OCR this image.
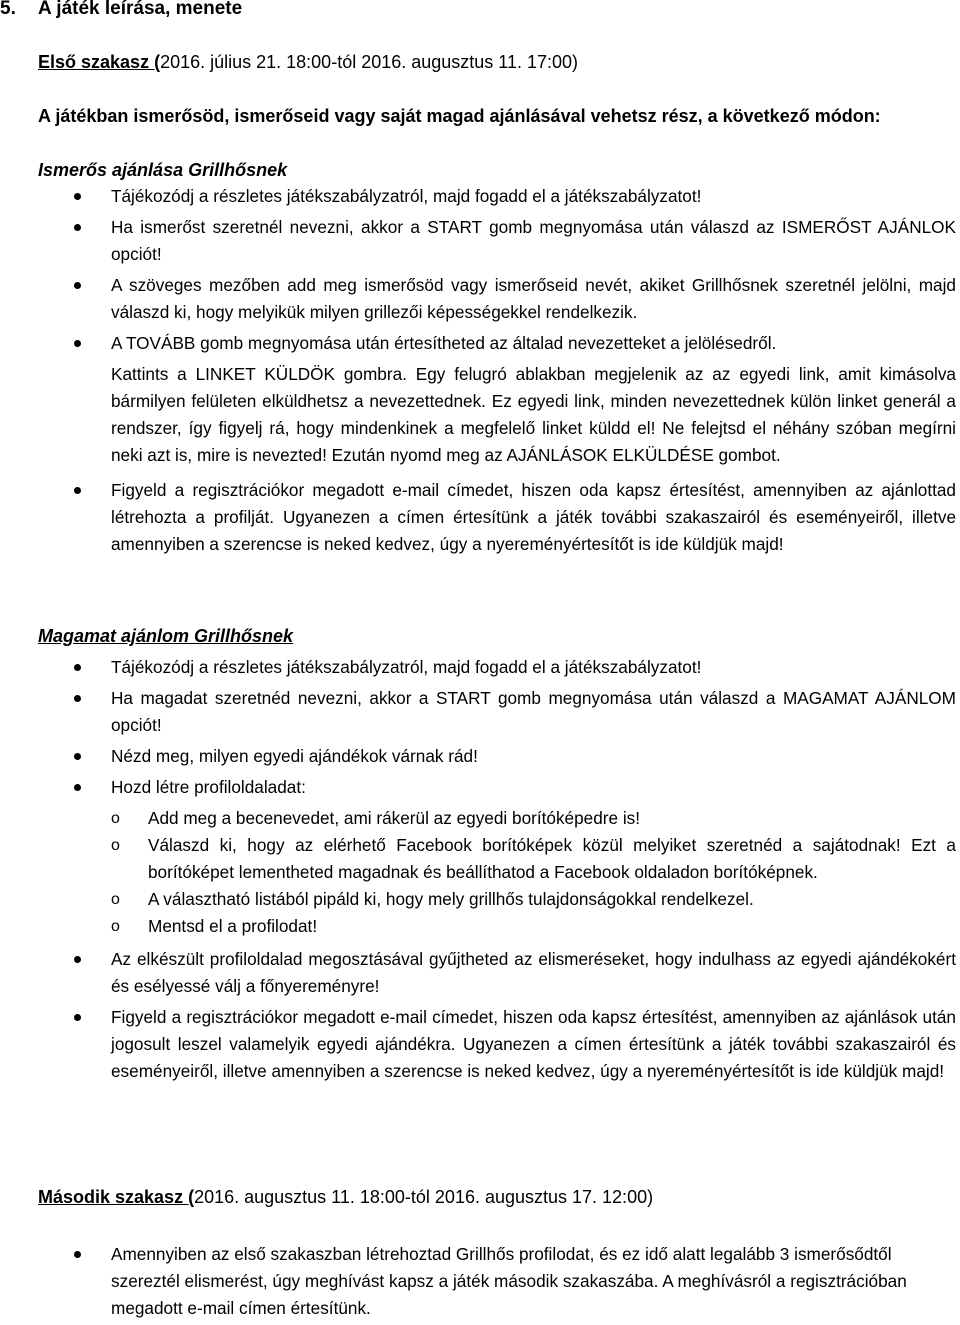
5. A játék leírása, menete
Első szakasz (2016. július 21. 18:00-tól 2016. augusztus 11. 17:00)
A játékban ismerősöd, ismerőseid vagy saját magad ajánlásával vehetsz rész, a következő módon:
Ismerős ajánlása Grillhősnek
Tájékozódj a részletes játékszabályzatról, majd fogadd el a játékszabályzatot!
Ha ismerőst szeretnél nevezni, akkor a START gomb megnyomása után válaszd az ISMERŐST AJÁNLOK opciót!
A szöveges mezőben add meg ismerősöd vagy ismerőseid nevét, akiket Grillhősnek szeretnél jelölni, majd válaszd ki, hogy melyikük milyen grillezői képességekkel rendelkezik.
A TOVÁBB gomb megnyomása után értesítheted az általad nevezetteket a jelölésedről.
Kattints a LINKET KÜLDÖK gombra. Egy felugró ablakban megjelenik az az egyedi link, amit kimásolva bármilyen felületen elküldhetsz a nevezettednek. Ez egyedi link, minden nevezettednek külön linket generál a rendszer, így figyelj rá, hogy mindenkinek a megfelelő linket küldd el! Ne felejtsd el néhány szóban megírni neki azt is, mire is nevezted! Ezután nyomd meg az AJÁNLÁSOK ELKÜLDÉSE gombot.
Figyeld a regisztrációkor megadott e-mail címedet, hiszen oda kapsz értesítést, amennyiben az ajánlottad létrehozta a profilját. Ugyanezen a címen értesítünk a játék további szakaszairól és eseményeiről, illetve amennyiben a szerencse is neked kedvez, úgy a nyereményértesítőt is ide küldjük majd!
Magamat ajánlom Grillhősnek
Tájékozódj a részletes játékszabályzatról, majd fogadd el a játékszabályzatot!
Ha magadat szeretnéd nevezni, akkor a START gomb megnyomása után válaszd a MAGAMAT AJÁNLOM opciót!
Nézd meg, milyen egyedi ajándékok várnak rád!
Hozd létre profiloldaladat:
o Add meg a becenevedet, ami rákerül az egyedi borítóképedre is!
o Válaszd ki, hogy az elérhető Facebook borítóképek közül melyiket szeretnéd a sajátodnak! Ezt a borítóképet lementheted magadnak és beállíthatod a Facebook oldaladon borítóképnek.
o A választható listából pipáld ki, hogy mely grillhős tulajdonságokkal rendelkezel.
o Mentsd el a profilodat!
Az elkészült profiloldalad megosztásával gyűjtheted az elismeréseket, hogy indulhass az egyedi ajándékokért és esélyessé válj a főnyereményre!
Figyeld a regisztrációkor megadott e-mail címedet, hiszen oda kapsz értesítést, amennyiben az ajánlások után jogosult leszel valamelyik egyedi ajándékra. Ugyanezen a címen értesítünk a játék további szakaszairól és eseményeiről, illetve amennyiben a szerencse is neked kedvez, úgy a nyereményértesítőt is ide küldjük majd!
Második szakasz (2016. augusztus 11. 18:00-tól 2016. augusztus 17. 12:00)
Amennyiben az első szakaszban létrehoztad Grillhős profilodat, és ez idő alatt legalább 3 ismerősődtől szereztél elismerést, úgy meghívást kapsz a játék második szakaszába. A meghívásról a regisztrációban megadott e-mail címen értesítünk.
